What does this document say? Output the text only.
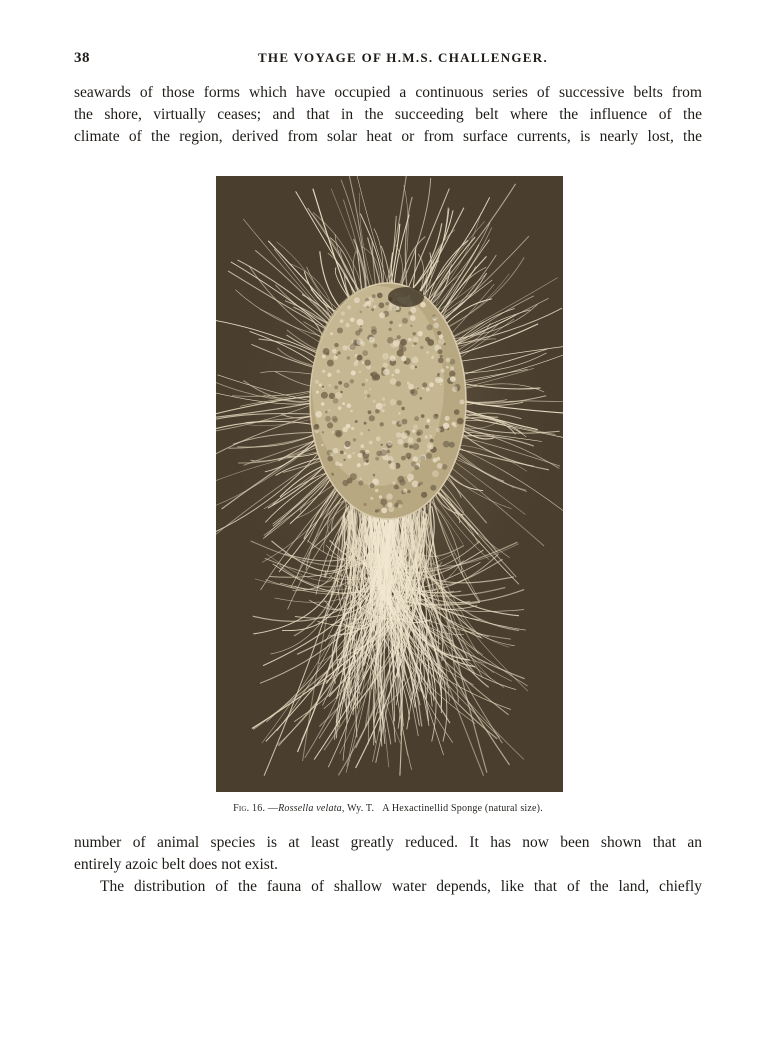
38	THE VOYAGE OF H.M.S. CHALLENGER.
seawards of those forms which have occupied a continuous series of successive belts from
the shore, virtually ceases; and that in the succeeding belt where the influence of the
climate of the region, derived from solar heat or from surface currents, is nearly lost, the
Fig. 16. —Rossella velata, Wy. T. A Hexactinellid Sponge (natural size).
number of animal species is at least greatly reduced. It has now been shown that an
entirely azoic belt does not exist.
The distribution of the fauna of shallow water depends, like that of the land, chiefly
